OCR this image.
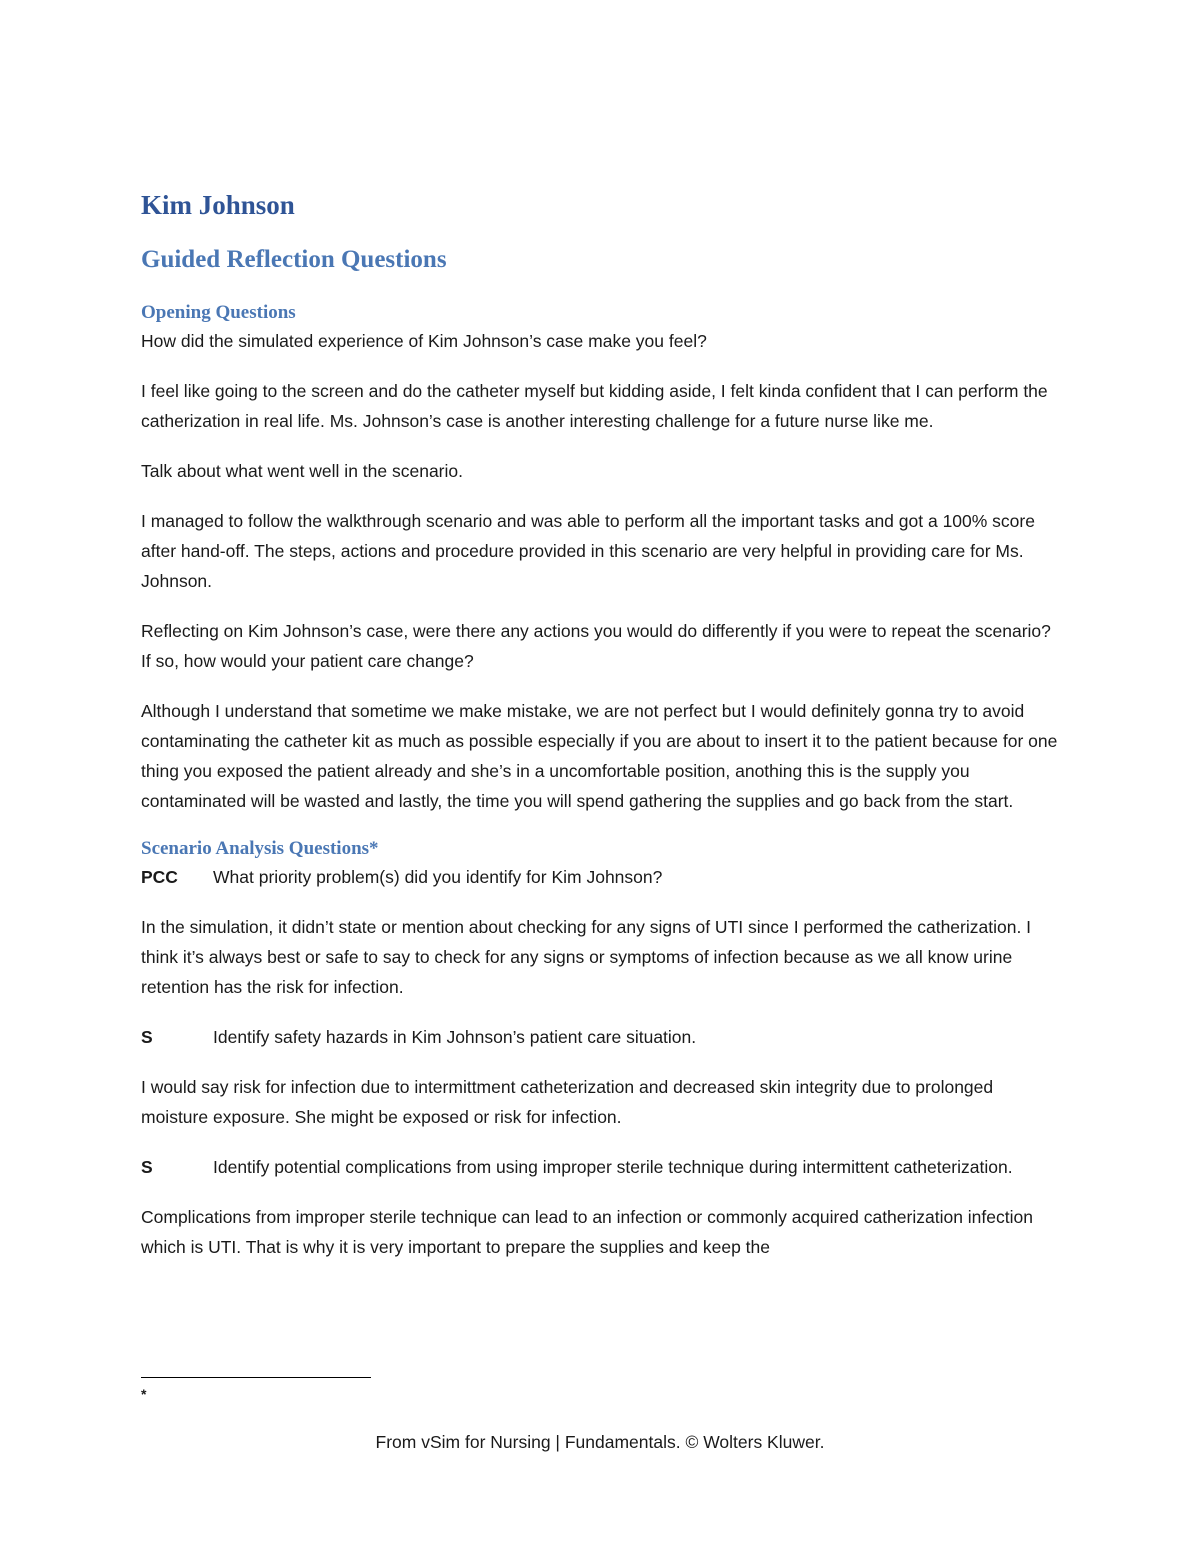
Kim Johnson
Guided Reflection Questions
Opening Questions

How did the simulated experience of Kim Johnson’s case make you feel?

I feel like going to the screen and do the catheter myself but kidding aside, I felt kinda confident that I can perform the catherization in real life. Ms. Johnson’s case is another interesting challenge for a future nurse like me.

Talk about what went well in the scenario.

I managed to follow the walkthrough scenario and was able to perform all the important tasks and got a 100% score after hand-off. The steps, actions and procedure provided in this scenario are very helpful in providing care for Ms. Johnson.

Reflecting on Kim Johnson’s case, were there any actions you would do differently if you were to repeat the scenario? If so, how would your patient care change?

Although I understand that sometime we make mistake, we are not perfect but I would definitely gonna try to avoid contaminating the catheter kit as much as possible especially if you are about to insert it to the patient because for one thing you exposed the patient already and she’s in a uncomfortable position, anothing this is the supply you contaminated will be wasted and lastly, the time you will spend gathering the supplies and go back from the start.

Scenario Analysis Questions*
PCC	What priority problem(s) did you identify for Kim Johnson?

In the simulation, it didn’t state or mention about checking for any signs of UTI since I performed the catherization. I think it’s always best or safe to say to check for any signs or symptoms of infection because as we all know urine retention has the risk for infection.

S	Identify safety hazards in Kim Johnson’s patient care situation.

I would say risk for infection due to intermittment catheterization and decreased skin integrity due to prolonged moisture exposure. She might be exposed or risk for infection.

S	Identify potential complications from using improper sterile technique during intermittent catheterization.

Complications from improper sterile technique can lead to an infection or commonly acquired catherization infection which is UTI. That is why it is very important to prepare the supplies and keep the

*
From vSim for Nursing | Fundamentals. © Wolters Kluwer.
